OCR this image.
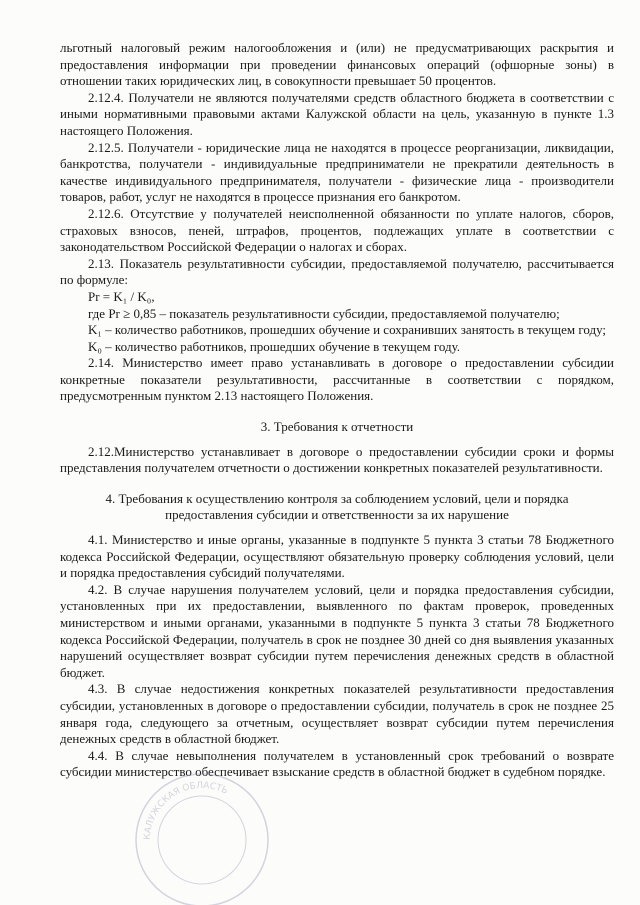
льготный налоговый режим налогообложения и (или) не предусматривающих раскрытия и предоставления информации при проведении финансовых операций (офшорные зоны) в отношении таких юридических лиц, в совокупности превышает 50 процентов.

2.12.4. Получатели не являются получателями средств областного бюджета в соответствии с иными нормативными правовыми актами Калужской области на цель, указанную в пункте 1.3 настоящего Положения.

2.12.5. Получатели - юридические лица не находятся в процессе реорганизации, ликвидации, банкротства, получатели - индивидуальные предприниматели не прекратили деятельность в качестве индивидуального предпринимателя, получатели - физические лица - производители товаров, работ, услуг не находятся в процессе признания его банкротом.

2.12.6. Отсутствие у получателей неисполненной обязанности по уплате налогов, сборов, страховых взносов, пеней, штрафов, процентов, подлежащих уплате в соответствии с законодательством Российской Федерации о налогах и сборах.

2.13. Показатель результативности субсидии, предоставляемой получателю, рассчитывается по формуле:

Pr = K₁ / K₀,

где Pr ≥ 0,85 – показатель результативности субсидии, предоставляемой получателю;

K₁ – количество работников, прошедших обучение и сохранивших занятость в текущем году;

K₀ – количество работников, прошедших обучение в текущем году.

2.14. Министерство имеет право устанавливать в договоре о предоставлении субсидии конкретные показатели результативности, рассчитанные в соответствии с порядком, предусмотренным пунктом 2.13 настоящего Положения.

3. Требования к отчетности

2.12.Министерство устанавливает в договоре о предоставлении субсидии сроки и формы представления получателем отчетности о достижении конкретных показателей результативности.

4. Требования к осуществлению контроля за соблюдением условий, цели и порядка
предоставления субсидии и ответственности за их нарушение

4.1. Министерство и иные органы, указанные в подпункте 5 пункта 3 статьи 78 Бюджетного кодекса Российской Федерации, осуществляют обязательную проверку соблюдения условий, цели и порядка предоставления субсидий получателями.

4.2. В случае нарушения получателем условий, цели и порядка предоставления субсидии, установленных при их предоставлении, выявленного по фактам проверок, проведенных министерством и иными органами, указанными в подпункте 5 пункта 3 статьи 78 Бюджетного кодекса Российской Федерации, получатель в срок не позднее 30 дней со дня выявления указанных нарушений осуществляет возврат субсидии путем перечисления денежных средств в областной бюджет.

4.3. В случае недостижения конкретных показателей результативности предоставления субсидии, установленных в договоре о предоставлении субсидии, получатель в срок не позднее 25 января года, следующего за отчетным, осуществляет возврат субсидии путем перечисления денежных средств в областной бюджет.

4.4. В случае невыполнения получателем в установленный срок требований о возврате субсидии министерство обеспечивает взыскание средств в областной бюджет в судебном порядке.

КАЛУЖСКАЯ ОБЛАСТЬ
